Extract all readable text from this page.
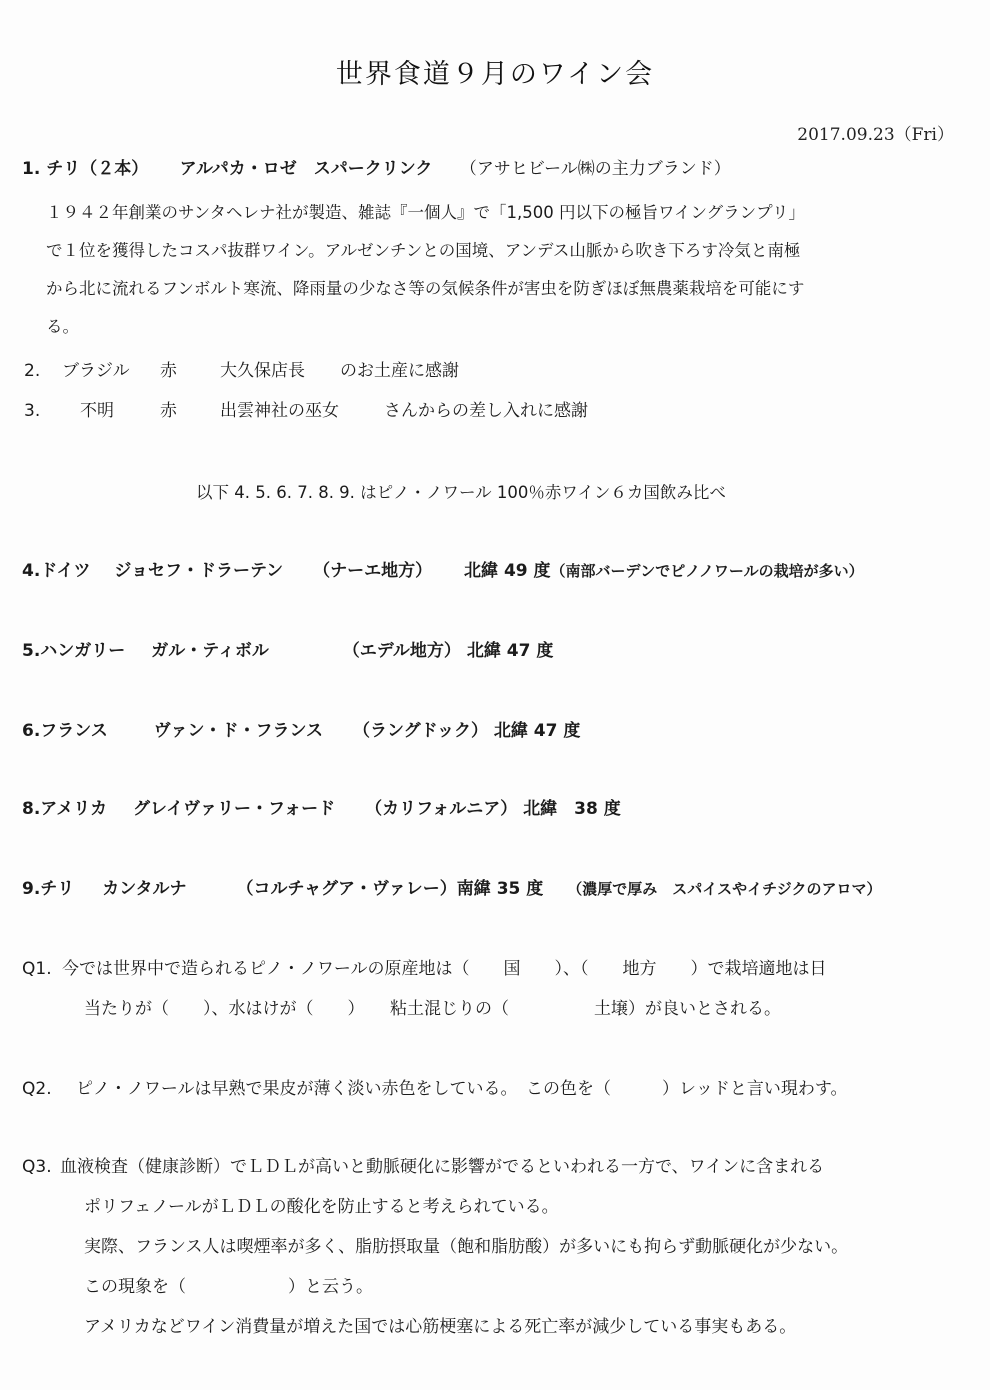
世界食道９月のワイン会
2017.09.23（Fri）
1. チリ（２本） アルパカ・ロゼ　スパークリンク （アサヒビール㈱の主力ブランド）
１９４２年創業のサンタヘレナ社が製造、雑誌『一個人』で「1,500 円以下の極旨ワイングランプリ」
で１位を獲得したコスパ抜群ワイン。アルゼンチンとの国境、アンデス山脈から吹き下ろす冷気と南極
から北に流れるフンボルト寒流、降雨量の少なさ等の気候条件が害虫を防ぎほぼ無農薬栽培を可能にす
る。
2. ブラジル 赤	大久保店長 のお土産に感謝
3. 不明	赤	出雲神社の巫女	さんからの差し入れに感謝
以下 4. 5. 6. 7. 8. 9. はピノ・ノワール 100％赤ワイン６カ国飲み比べ
4.ドイツ ジョセフ・ドラーテン （ナーエ地方） 北緯 49 度（南部バーデンでピノノワールの栽培が多い）
5.ハンガリー ガル・ティボル	（エデル地方） 北緯 47 度
6.フランス	ヴァン・ド・フランス （ラングドック） 北緯 47 度
8.アメリカ グレイヴァリー・フォード （カリフォルニア） 北緯　38 度
9.チリ カンタルナ	（コルチャグア・ヴァレー）南緯 35 度 （濃厚で厚み　スパイスやイチジクのアロマ）
Q1. 今では世界中で造られるピノ・ノワールの原産地は（　　国　　）、（　　地方　　）で栽培適地は日
当たりが（　　）、水はけが（　　）　　粘土混じりの（　　　　　土壌）が良いとされる。
Q2. ピノ・ノワールは早熟で果皮が薄く淡い赤色をしている。　この色を（　　　）レッドと言い現わす。
Q3. 血液検査（健康診断）でＬＤＬが高いと動脈硬化に影響がでるといわれる一方で、ワインに含まれる
ポリフェノールがＬＤＬの酸化を防止すると考えられている。
実際、フランス人は喫煙率が多く、脂肪摂取量（飽和脂肪酸）が多いにも拘らず動脈硬化が少ない。
この現象を（　　　　　　）と云う。
アメリカなどワイン消費量が増えた国では心筋梗塞による死亡率が減少している事実もある。
